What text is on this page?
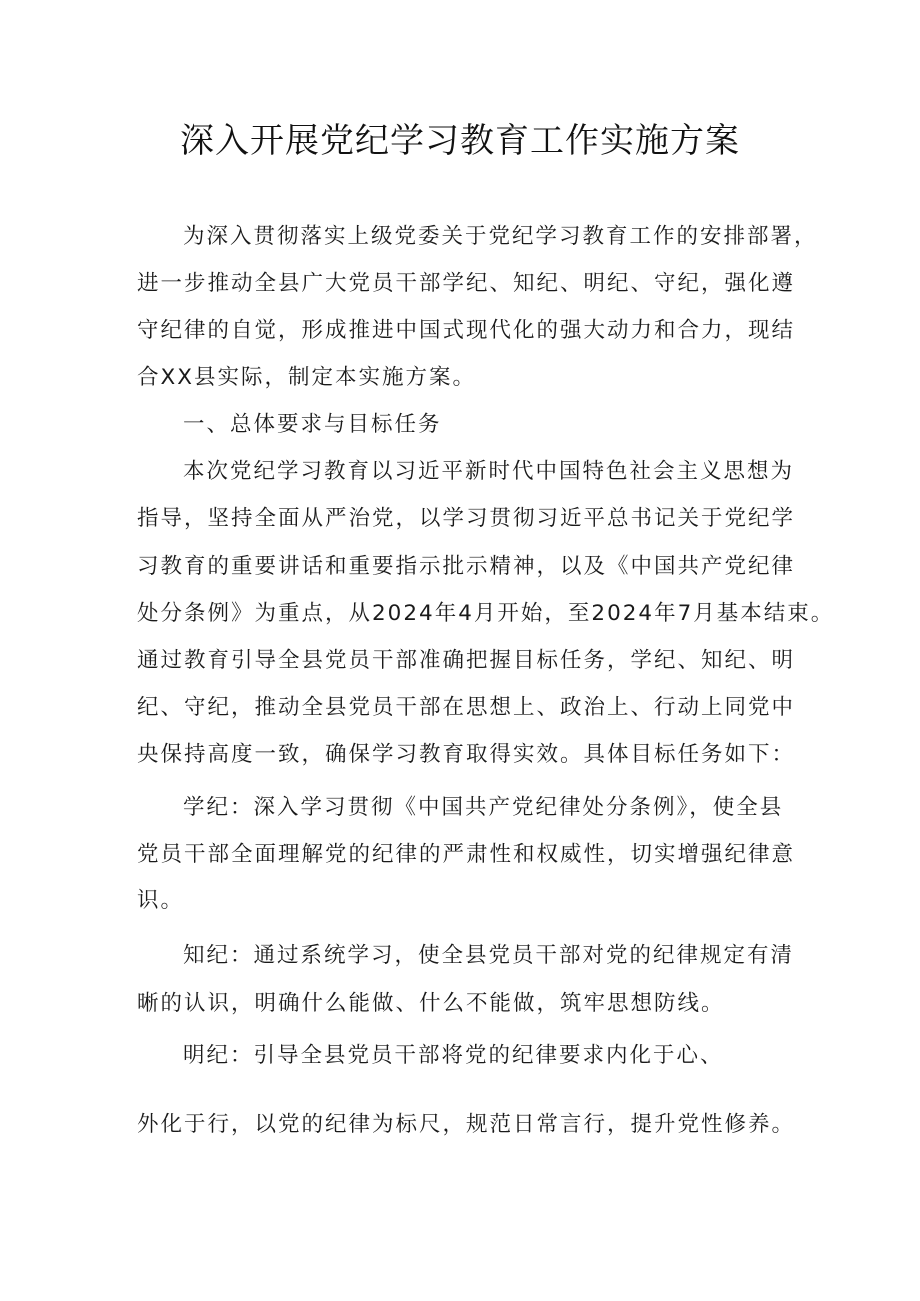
深入开展党纪学习教育工作实施方案
为深入贯彻落实上级党委关于党纪学习教育工作的安排部署，
进一步推动全县广大党员干部学纪、知纪、明纪、守纪，强化遵
守纪律的自觉，形成推进中国式现代化的强大动力和合力，现结
合XX县实际，制定本实施方案。
一、总体要求与目标任务
本次党纪学习教育以习近平新时代中国特色社会主义思想为
指导，坚持全面从严治党，以学习贯彻习近平总书记关于党纪学
习教育的重要讲话和重要指示批示精神，以及《中国共产党纪律
处分条例》为重点，从2024年4月开始，至2024年7月基本结束。
通过教育引导全县党员干部准确把握目标任务，学纪、知纪、明
纪、守纪，推动全县党员干部在思想上、政治上、行动上同党中
央保持高度一致，确保学习教育取得实效。具体目标任务如下：
学纪：深入学习贯彻《中国共产党纪律处分条例》，使全县
党员干部全面理解党的纪律的严肃性和权威性，切实增强纪律意
识。
知纪：通过系统学习，使全县党员干部对党的纪律规定有清
晰的认识，明确什么能做、什么不能做，筑牢思想防线。
明纪：引导全县党员干部将党的纪律要求内化于心、
外化于行，以党的纪律为标尺，规范日常言行，提升党性修养。
